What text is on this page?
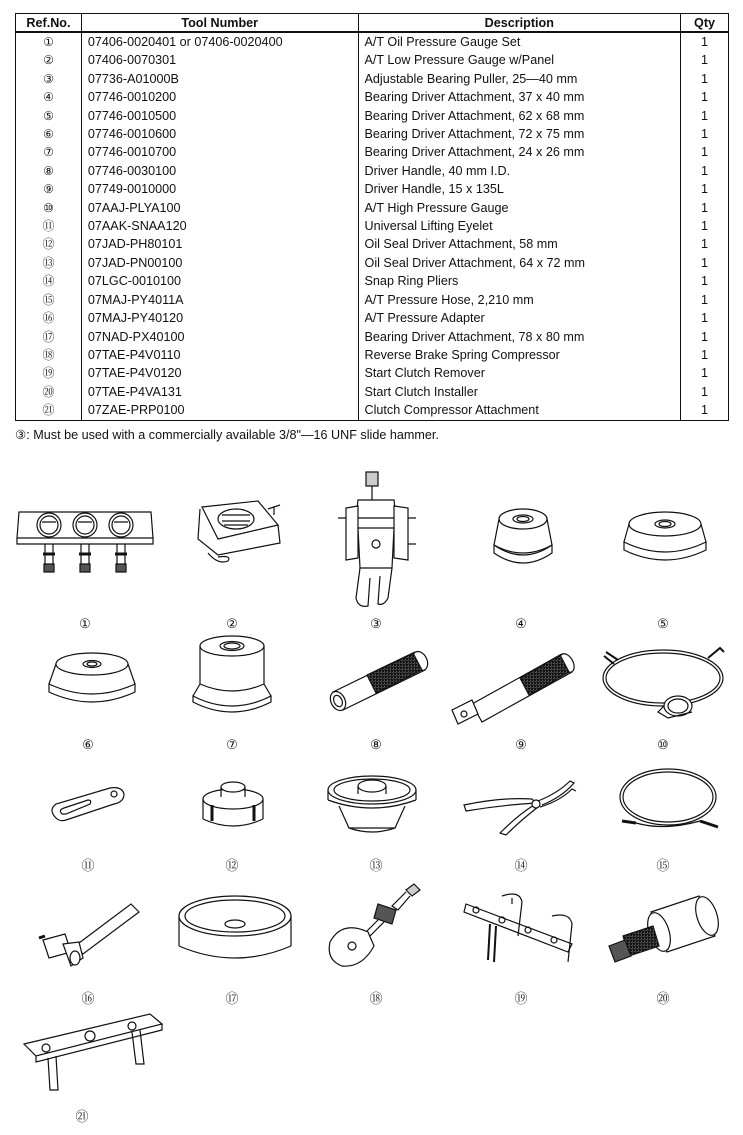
Ref.No.	Tool Number	Description	Qty
①	07406-0020401 or 07406-0020400	A/T Oil Pressure Gauge Set	1
②	07406-0070301	A/T Low Pressure Gauge w/Panel	1
③	07736-A01000B	Adjustable Bearing Puller, 25—40 mm	1
④	07746-0010200	Bearing Driver Attachment, 37 x 40 mm	1
⑤	07746-0010500	Bearing Driver Attachment, 62 x 68 mm	1
⑥	07746-0010600	Bearing Driver Attachment, 72 x 75 mm	1
⑦	07746-0010700	Bearing Driver Attachment, 24 x 26 mm	1
⑧	07746-0030100	Driver Handle, 40 mm I.D.	1
⑨	07749-0010000	Driver Handle, 15 x 135L	1
⑩	07AAJ-PLYA100	A/T High Pressure Gauge	1
⑪	07AAK-SNAA120	Universal Lifting Eyelet	1
⑫	07JAD-PH80101	Oil Seal Driver Attachment, 58 mm	1
⑬	07JAD-PN00100	Oil Seal Driver Attachment, 64 x 72 mm	1
⑭	07LGC-0010100	Snap Ring Pliers	1
⑮	07MAJ-PY4011A	A/T Pressure Hose, 2,210 mm	1
⑯	07MAJ-PY40120	A/T Pressure Adapter	1
⑰	07NAD-PX40100	Bearing Driver Attachment, 78 x 80 mm	1
⑱	07TAE-P4V0110	Reverse Brake Spring Compressor	1
⑲	07TAE-P4V0120	Start Clutch Remover	1
⑳	07TAE-P4VA131	Start Clutch Installer	1
㉑	07ZAE-PRP0100	Clutch Compressor Attachment	1
③: Must be used with a commercially available 3/8"—16 UNF slide hammer.
①	②	③	④	⑤
⑥	⑦	⑧	⑨	⑩
⑪	⑫	⑬	⑭	⑮
⑯	⑰	⑱	⑲	⑳
㉑
